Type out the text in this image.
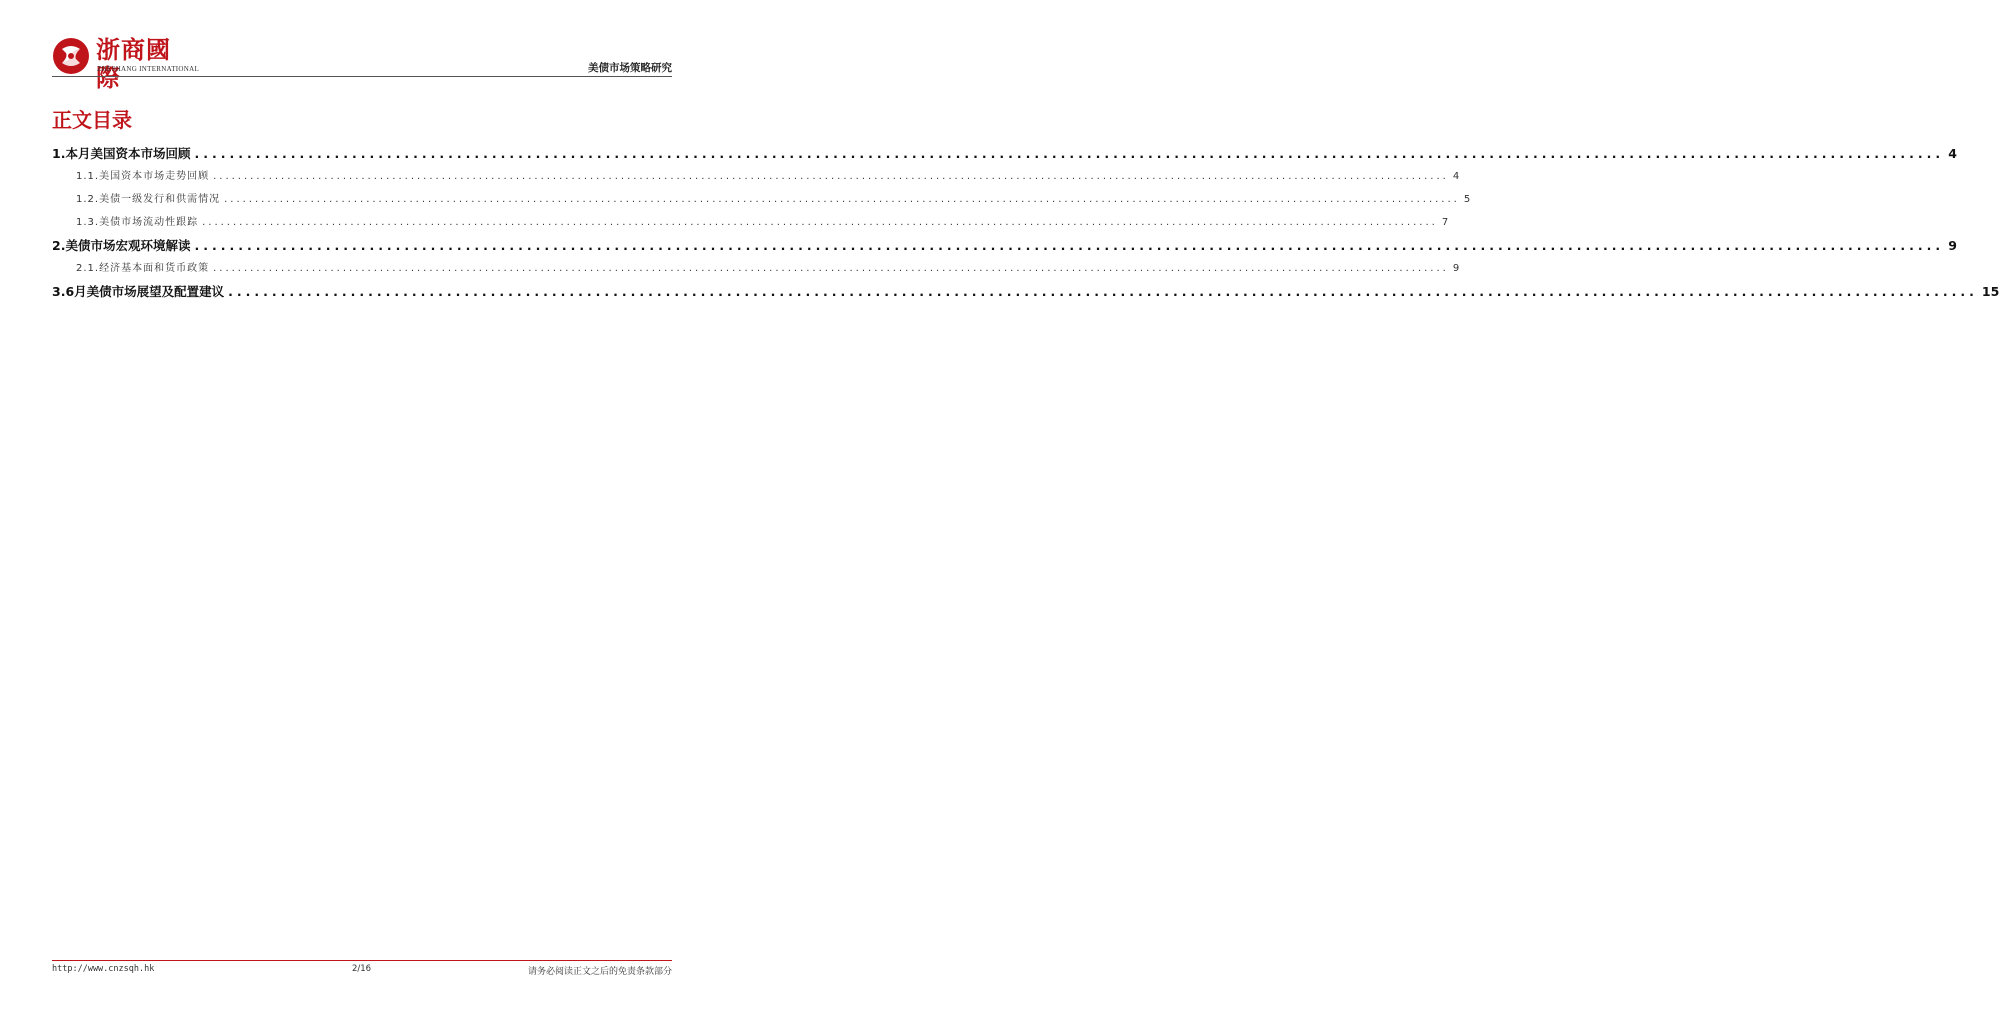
浙商國際
ZHESHANG INTERNATIONAL	美债市场策略研究
正文目录
1. 本月美国资本市场回顾 ........................................................................................................................................................................................................ 4
1.1. 美国资本市场走势回顾 ........................................................................................................................................................................................................ 4
1.2. 美债一级发行和供需情况 ........................................................................................................................................................................................................ 5
1.3. 美债市场流动性跟踪 ........................................................................................................................................................................................................ 7
2. 美债市场宏观环境解读 ........................................................................................................................................................................................................ 9
2.1. 经济基本面和货币政策 ........................................................................................................................................................................................................ 9
3. 6月美债市场展望及配置建议 ........................................................................................................................................................................................................ 15
http://www.cnzsqh.hk	2/16	请务必阅读正文之后的免责条款部分
